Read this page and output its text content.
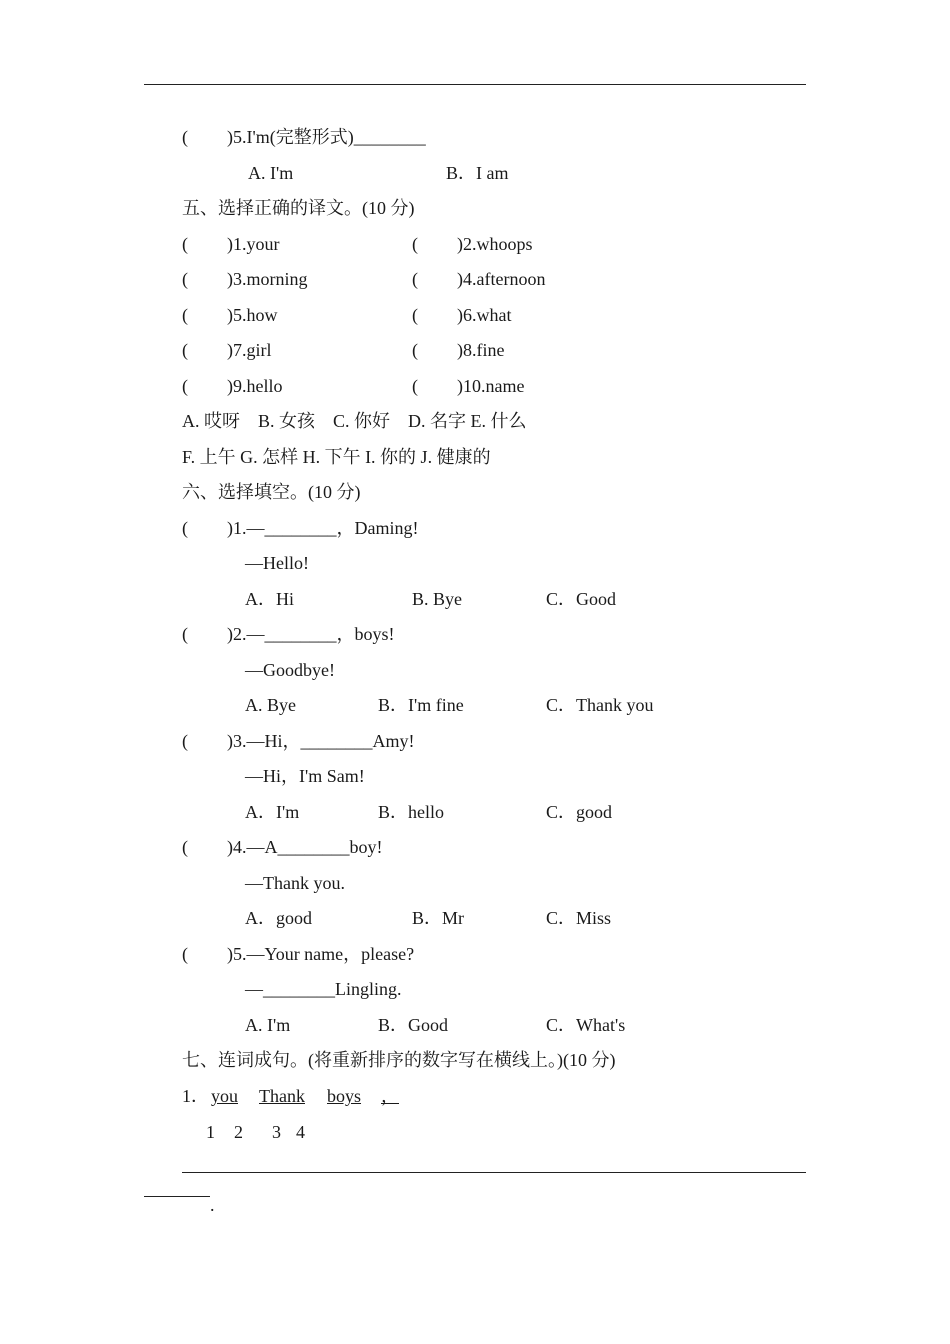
( )5.I'm(完整形式)________
A. I'm	B．I am
五、选择正确的译文。(10 分)
( )1.your	( )2.whoops
( )3.morning	( )4.afternoon
( )5.how	( )6.what
( )7.girl	( )8.fine
( )9.hello	( )10.name
A. 哎呀　B. 女孩　C. 你好　D. 名字 E. 什么
F. 上午 G. 怎样 H. 下午 I. 你的 J. 健康的
六、选择填空。(10 分)
( )1.—________，Daming!
—Hello!
A．Hi	B. Bye	C．Good
( )2.—________，boys!
—Goodbye!
A. Bye	B．I'm fine	C．Thank you
( )3.—Hi，________Amy!
—Hi，I'm Sam!
A．I'm	B．hello	C．good
( )4.—A________boy!
—Thank you.
A．good	B．Mr	C．Miss
( )5.—Your name，please?
—________Lingling.
A. I'm	B．Good	C．What's
七、连词成句。(将重新排序的数字写在横线上。)(10 分)
1． you Thank boys ，
1 2 3 4
.
